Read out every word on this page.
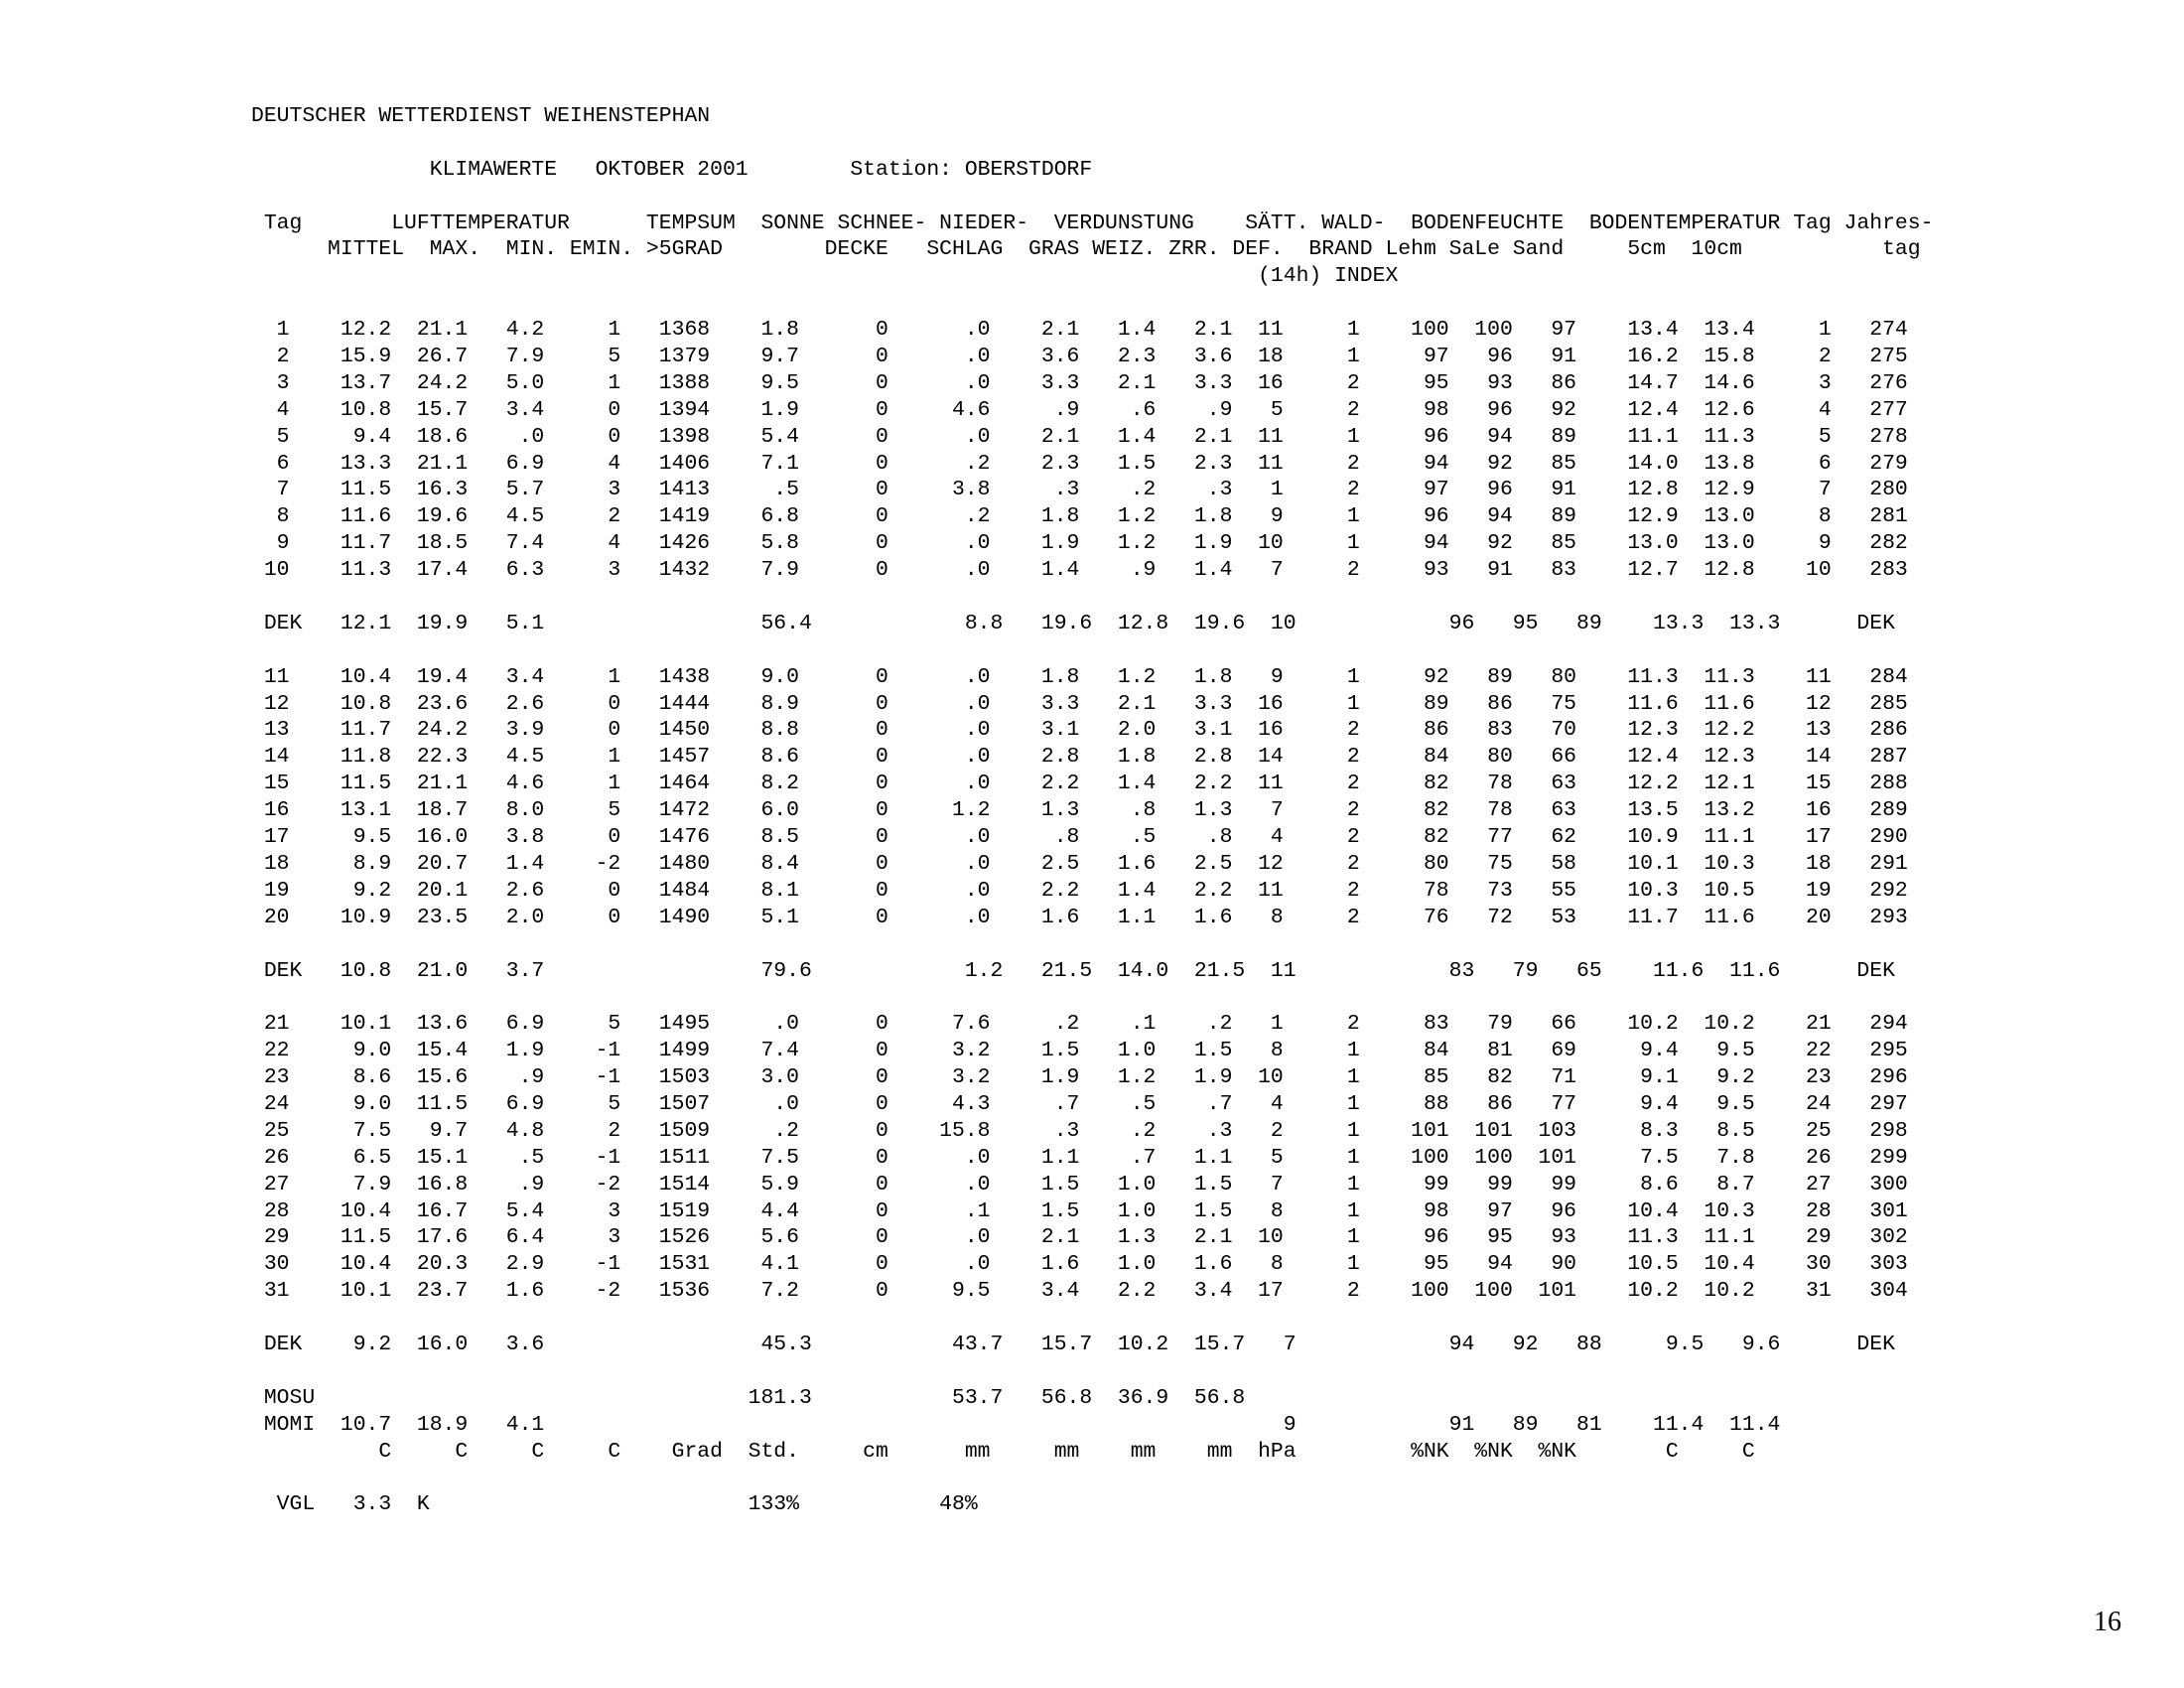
DEUTSCHER WETTERDIENST WEIHENSTEPHAN
KLIMAWERTE   OKTOBER 2001        Station: OBERSTDORF
Tag       LUFTTEMPERATUR      TEMPSUM  SONNE SCHNEE- NIEDER-  VERDUNSTUNG    SÄTT. WALD-  BODENFEUCHTE  BODENTEMPERATUR Tag Jahres-
MITTEL  MAX.  MIN. EMIN. >5GRAD        DECKE   SCHLAG  GRAS WEIZ. ZRR. DEF.  BRAND Lehm SaLe Sand     5cm  10cm           tag
(14h) INDEX
1    12.2  21.1   4.2     1   1368    1.8      0      .0    2.1   1.4   2.1  11     1    100  100   97    13.4  13.4     1   274
2    15.9  26.7   7.9     5   1379    9.7      0      .0    3.6   2.3   3.6  18     1     97   96   91    16.2  15.8     2   275
3    13.7  24.2   5.0     1   1388    9.5      0      .0    3.3   2.1   3.3  16     2     95   93   86    14.7  14.6     3   276
4    10.8  15.7   3.4     0   1394    1.9      0     4.6     .9    .6    .9   5     2     98   96   92    12.4  12.6     4   277
5     9.4  18.6    .0     0   1398    5.4      0      .0    2.1   1.4   2.1  11     1     96   94   89    11.1  11.3     5   278
6    13.3  21.1   6.9     4   1406    7.1      0      .2    2.3   1.5   2.3  11     2     94   92   85    14.0  13.8     6   279
7    11.5  16.3   5.7     3   1413     .5      0     3.8     .3    .2    .3   1     2     97   96   91    12.8  12.9     7   280
8    11.6  19.6   4.5     2   1419    6.8      0      .2    1.8   1.2   1.8   9     1     96   94   89    12.9  13.0     8   281
9    11.7  18.5   7.4     4   1426    5.8      0      .0    1.9   1.2   1.9  10     1     94   92   85    13.0  13.0     9   282
10    11.3  17.4   6.3     3   1432    7.9      0      .0    1.4    .9   1.4   7     2     93   91   83    12.7  12.8    10   283
DEK   12.1  19.9   5.1                 56.4            8.8   19.6  12.8  19.6  10            96   95   89    13.3  13.3      DEK
11    10.4  19.4   3.4     1   1438    9.0      0      .0    1.8   1.2   1.8   9     1     92   89   80    11.3  11.3    11   284
12    10.8  23.6   2.6     0   1444    8.9      0      .0    3.3   2.1   3.3  16     1     89   86   75    11.6  11.6    12   285
13    11.7  24.2   3.9     0   1450    8.8      0      .0    3.1   2.0   3.1  16     2     86   83   70    12.3  12.2    13   286
14    11.8  22.3   4.5     1   1457    8.6      0      .0    2.8   1.8   2.8  14     2     84   80   66    12.4  12.3    14   287
15    11.5  21.1   4.6     1   1464    8.2      0      .0    2.2   1.4   2.2  11     2     82   78   63    12.2  12.1    15   288
16    13.1  18.7   8.0     5   1472    6.0      0     1.2    1.3    .8   1.3   7     2     82   78   63    13.5  13.2    16   289
17     9.5  16.0   3.8     0   1476    8.5      0      .0     .8    .5    .8   4     2     82   77   62    10.9  11.1    17   290
18     8.9  20.7   1.4    -2   1480    8.4      0      .0    2.5   1.6   2.5  12     2     80   75   58    10.1  10.3    18   291
19     9.2  20.1   2.6     0   1484    8.1      0      .0    2.2   1.4   2.2  11     2     78   73   55    10.3  10.5    19   292
20    10.9  23.5   2.0     0   1490    5.1      0      .0    1.6   1.1   1.6   8     2     76   72   53    11.7  11.6    20   293
DEK   10.8  21.0   3.7                 79.6            1.2   21.5  14.0  21.5  11            83   79   65    11.6  11.6      DEK
21    10.1  13.6   6.9     5   1495     .0      0     7.6     .2    .1    .2   1     2     83   79   66    10.2  10.2    21   294
22     9.0  15.4   1.9    -1   1499    7.4      0     3.2    1.5   1.0   1.5   8     1     84   81   69     9.4   9.5    22   295
23     8.6  15.6    .9    -1   1503    3.0      0     3.2    1.9   1.2   1.9  10     1     85   82   71     9.1   9.2    23   296
24     9.0  11.5   6.9     5   1507     .0      0     4.3     .7    .5    .7   4     1     88   86   77     9.4   9.5    24   297
25     7.5   9.7   4.8     2   1509     .2      0    15.8     .3    .2    .3   2     1    101  101  103     8.3   8.5    25   298
26     6.5  15.1    .5    -1   1511    7.5      0      .0    1.1    .7   1.1   5     1    100  100  101     7.5   7.8    26   299
27     7.9  16.8    .9    -2   1514    5.9      0      .0    1.5   1.0   1.5   7     1     99   99   99     8.6   8.7    27   300
28    10.4  16.7   5.4     3   1519    4.4      0      .1    1.5   1.0   1.5   8     1     98   97   96    10.4  10.3    28   301
29    11.5  17.6   6.4     3   1526    5.6      0      .0    2.1   1.3   2.1  10     1     96   95   93    11.3  11.1    29   302
30    10.4  20.3   2.9    -1   1531    4.1      0      .0    1.6   1.0   1.6   8     1     95   94   90    10.5  10.4    30   303
31    10.1  23.7   1.6    -2   1536    7.2      0     9.5    3.4   2.2   3.4  17     2    100  100  101    10.2  10.2    31   304
DEK    9.2  16.0   3.6                 45.3           43.7   15.7  10.2  15.7   7            94   92   88     9.5   9.6      DEK
MOSU                                  181.3           53.7   56.8  36.9  56.8
MOMI  10.7  18.9   4.1                                                          9            91   89   81    11.4  11.4
C     C     C     C    Grad  Std.     cm      mm     mm    mm    mm  hPa         %NK  %NK  %NK       C     C
VGL   3.3  K                         133%           48%
16
